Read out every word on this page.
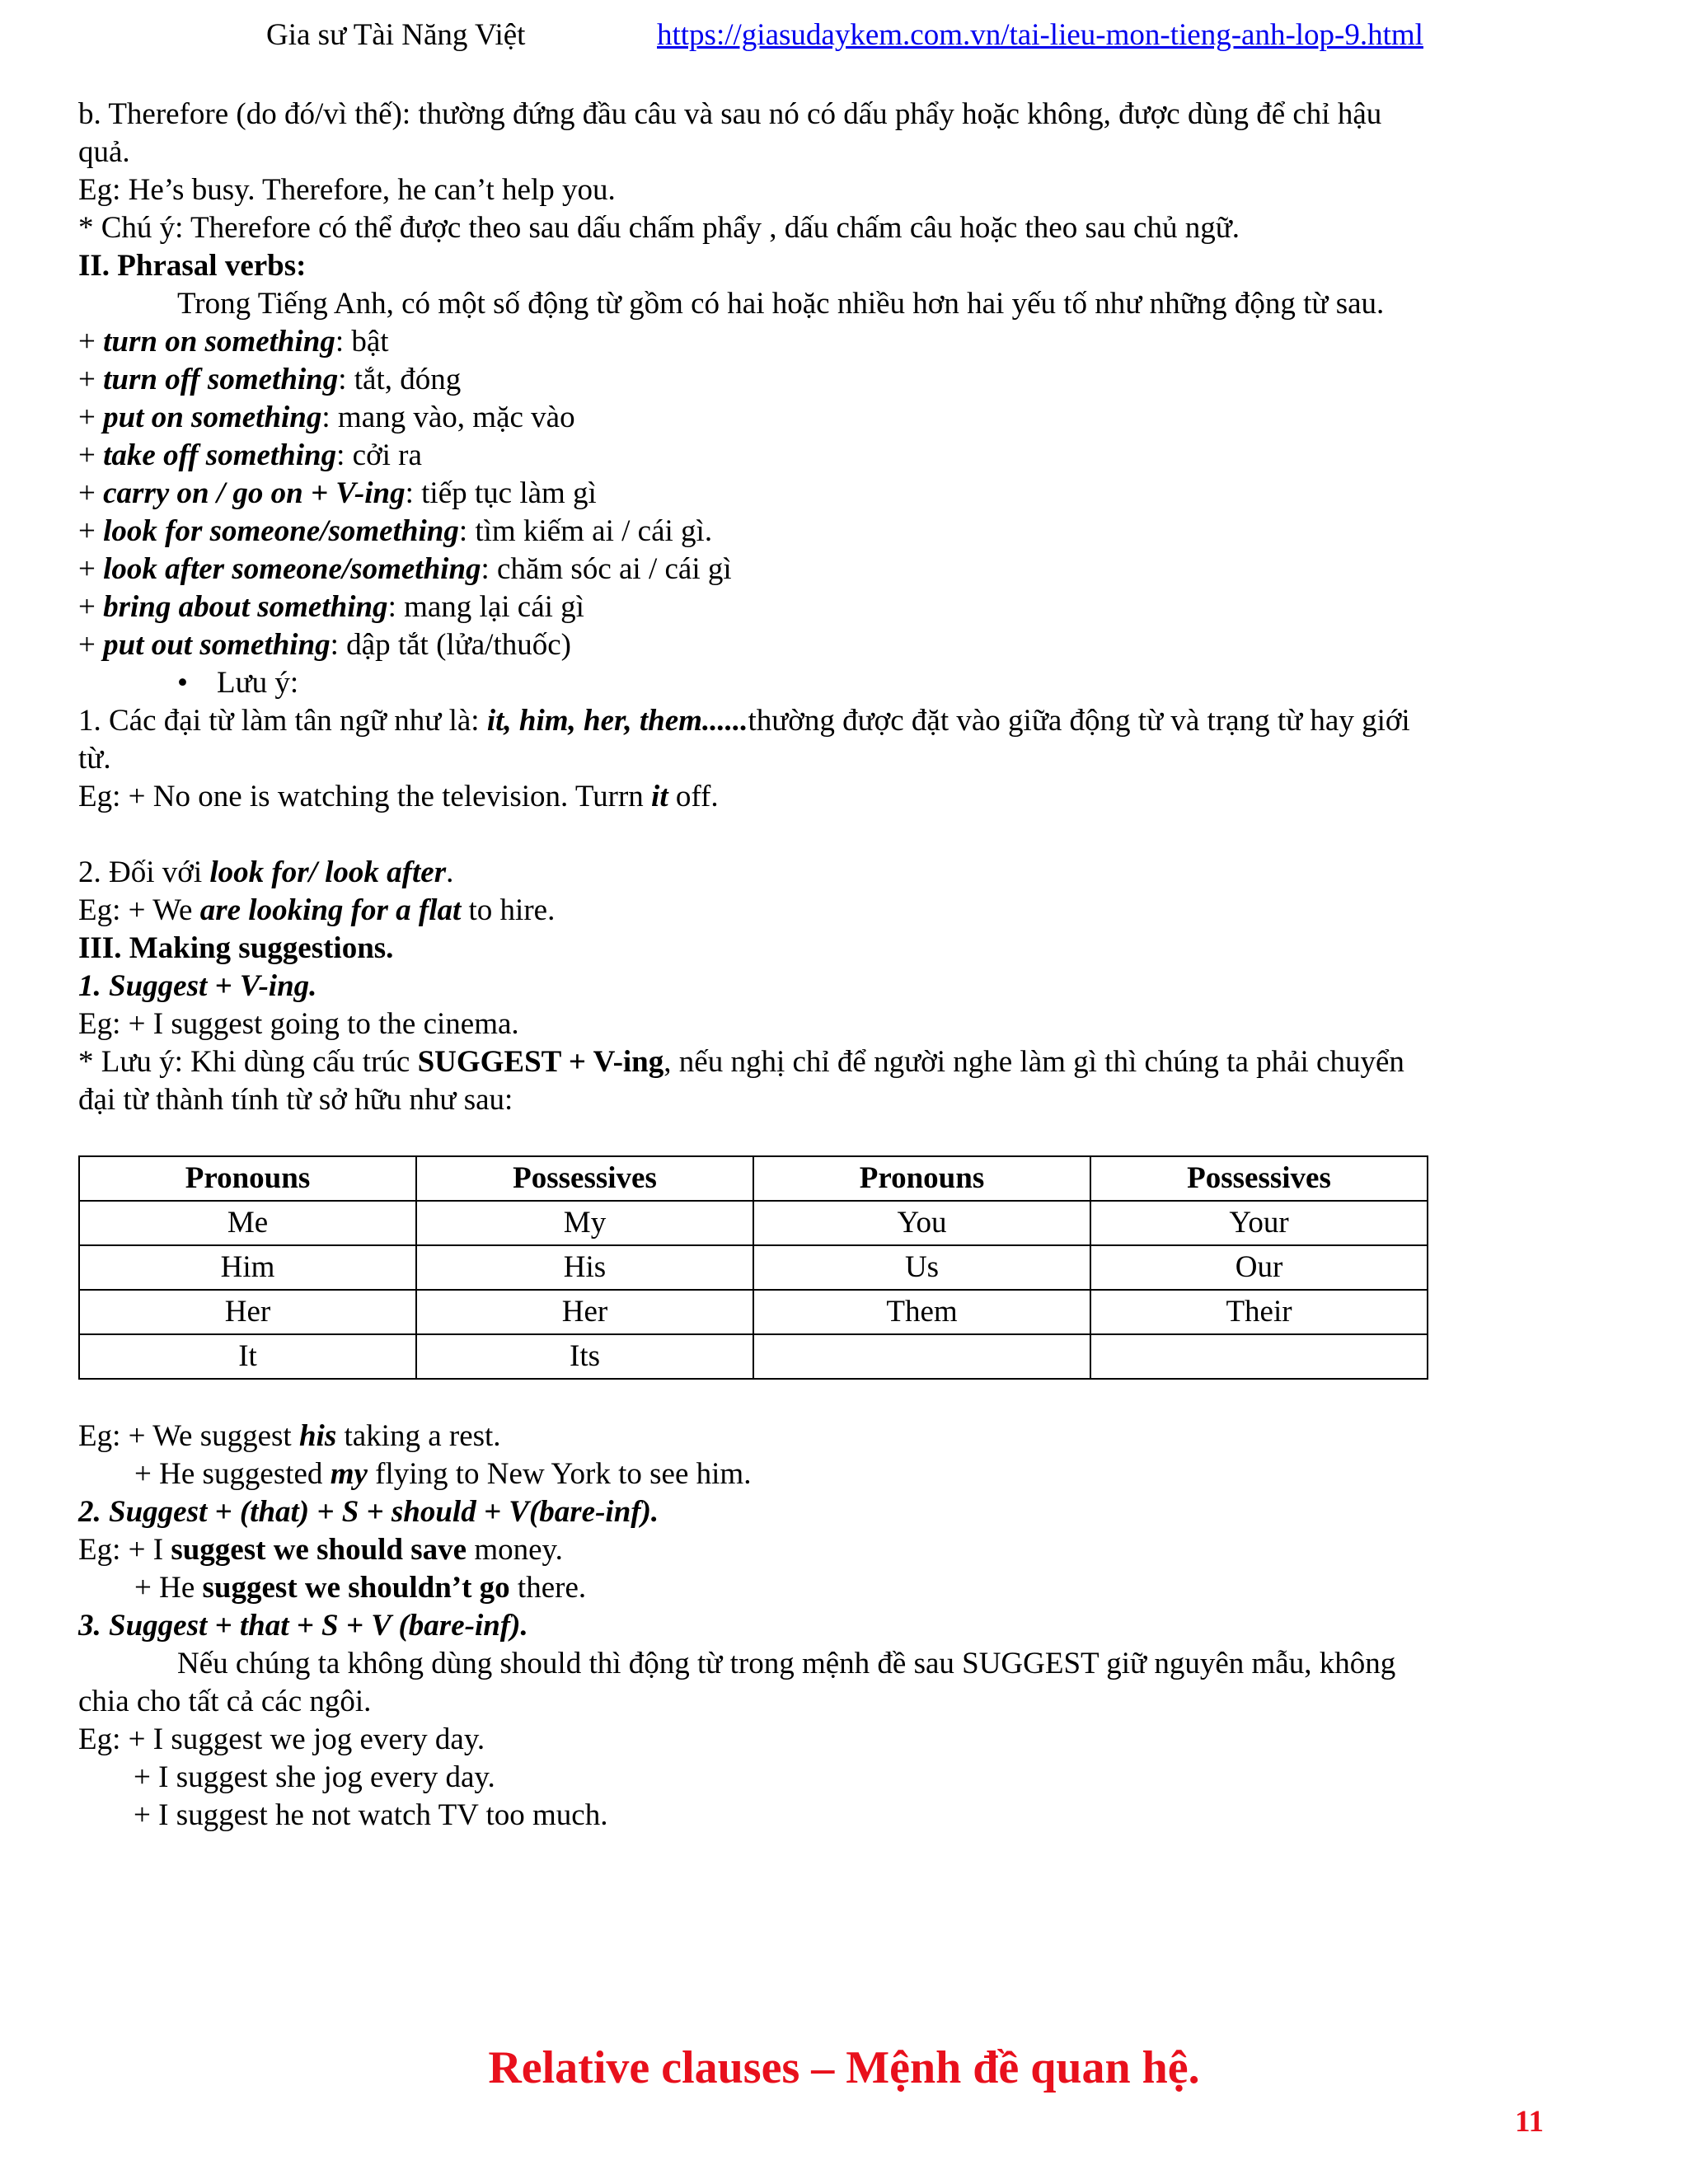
Gia sư Tài Năng Việt	https://giasudaykem.com.vn/tai-lieu-mon-tieng-anh-lop-9.html

b. Therefore (do đó/vì thế): thường đứng đầu câu và sau nó có dấu phẩy hoặc không, được dùng để chỉ hậu

quả.

Eg: He’s busy. Therefore, he can’t help you.

* Chú ý: Therefore có thể được theo sau dấu chấm phẩy , dấu chấm câu hoặc theo sau chủ ngữ.

II. Phrasal verbs:

Trong Tiếng Anh, có một số động từ gồm có hai hoặc nhiều hơn hai yếu tố như những động từ sau.

+ turn on something: bật

+ turn off something: tắt, đóng

+ put on something: mang vào, mặc vào

+ take off something: cởi ra

+ carry on / go on + V-ing: tiếp tục làm gì

+ look for someone/something: tìm kiếm ai / cái gì.

+ look after someone/something: chăm sóc ai / cái gì

+ bring about something: mang lại cái gì

+ put out something: dập tắt (lửa/thuốc)

• Lưu ý:

1. Các đại từ làm tân ngữ như là: it, him, her, them......thường được đặt vào giữa động từ và trạng từ hay giới

từ.

Eg: + No one is watching the television. Turrn it off.

2. Đối với look for/ look after.

Eg: + We are looking for a flat to hire.

III. Making suggestions.

1. Suggest + V-ing.

Eg: + I suggest going to the cinema.

* Lưu ý: Khi dùng cấu trúc SUGGEST + V-ing, nếu nghị chỉ để người nghe làm gì thì chúng ta phải chuyển

đại từ thành tính từ sở hữu như sau:

Pronouns	Possessives	Pronouns	Possessives
Me	My	You	Your
Him	His	Us	Our
Her	Her	Them	Their
It	Its		

Eg: + We suggest his taking a rest.

+ He suggested my flying to New York to see him.

2. Suggest + (that) + S + should + V(bare-inf).

Eg: + I suggest we should save money.

+ He suggest we shouldn’t go there.

3. Suggest + that + S + V (bare-inf).

Nếu chúng ta không dùng should thì động từ trong mệnh đề sau SUGGEST giữ nguyên mẫu, không

chia cho tất cả các ngôi.

Eg: + I suggest we jog every day.

+ I suggest she jog every day.

+ I suggest he not watch TV too much.

Relative clauses – Mệnh đề quan hệ.
11
